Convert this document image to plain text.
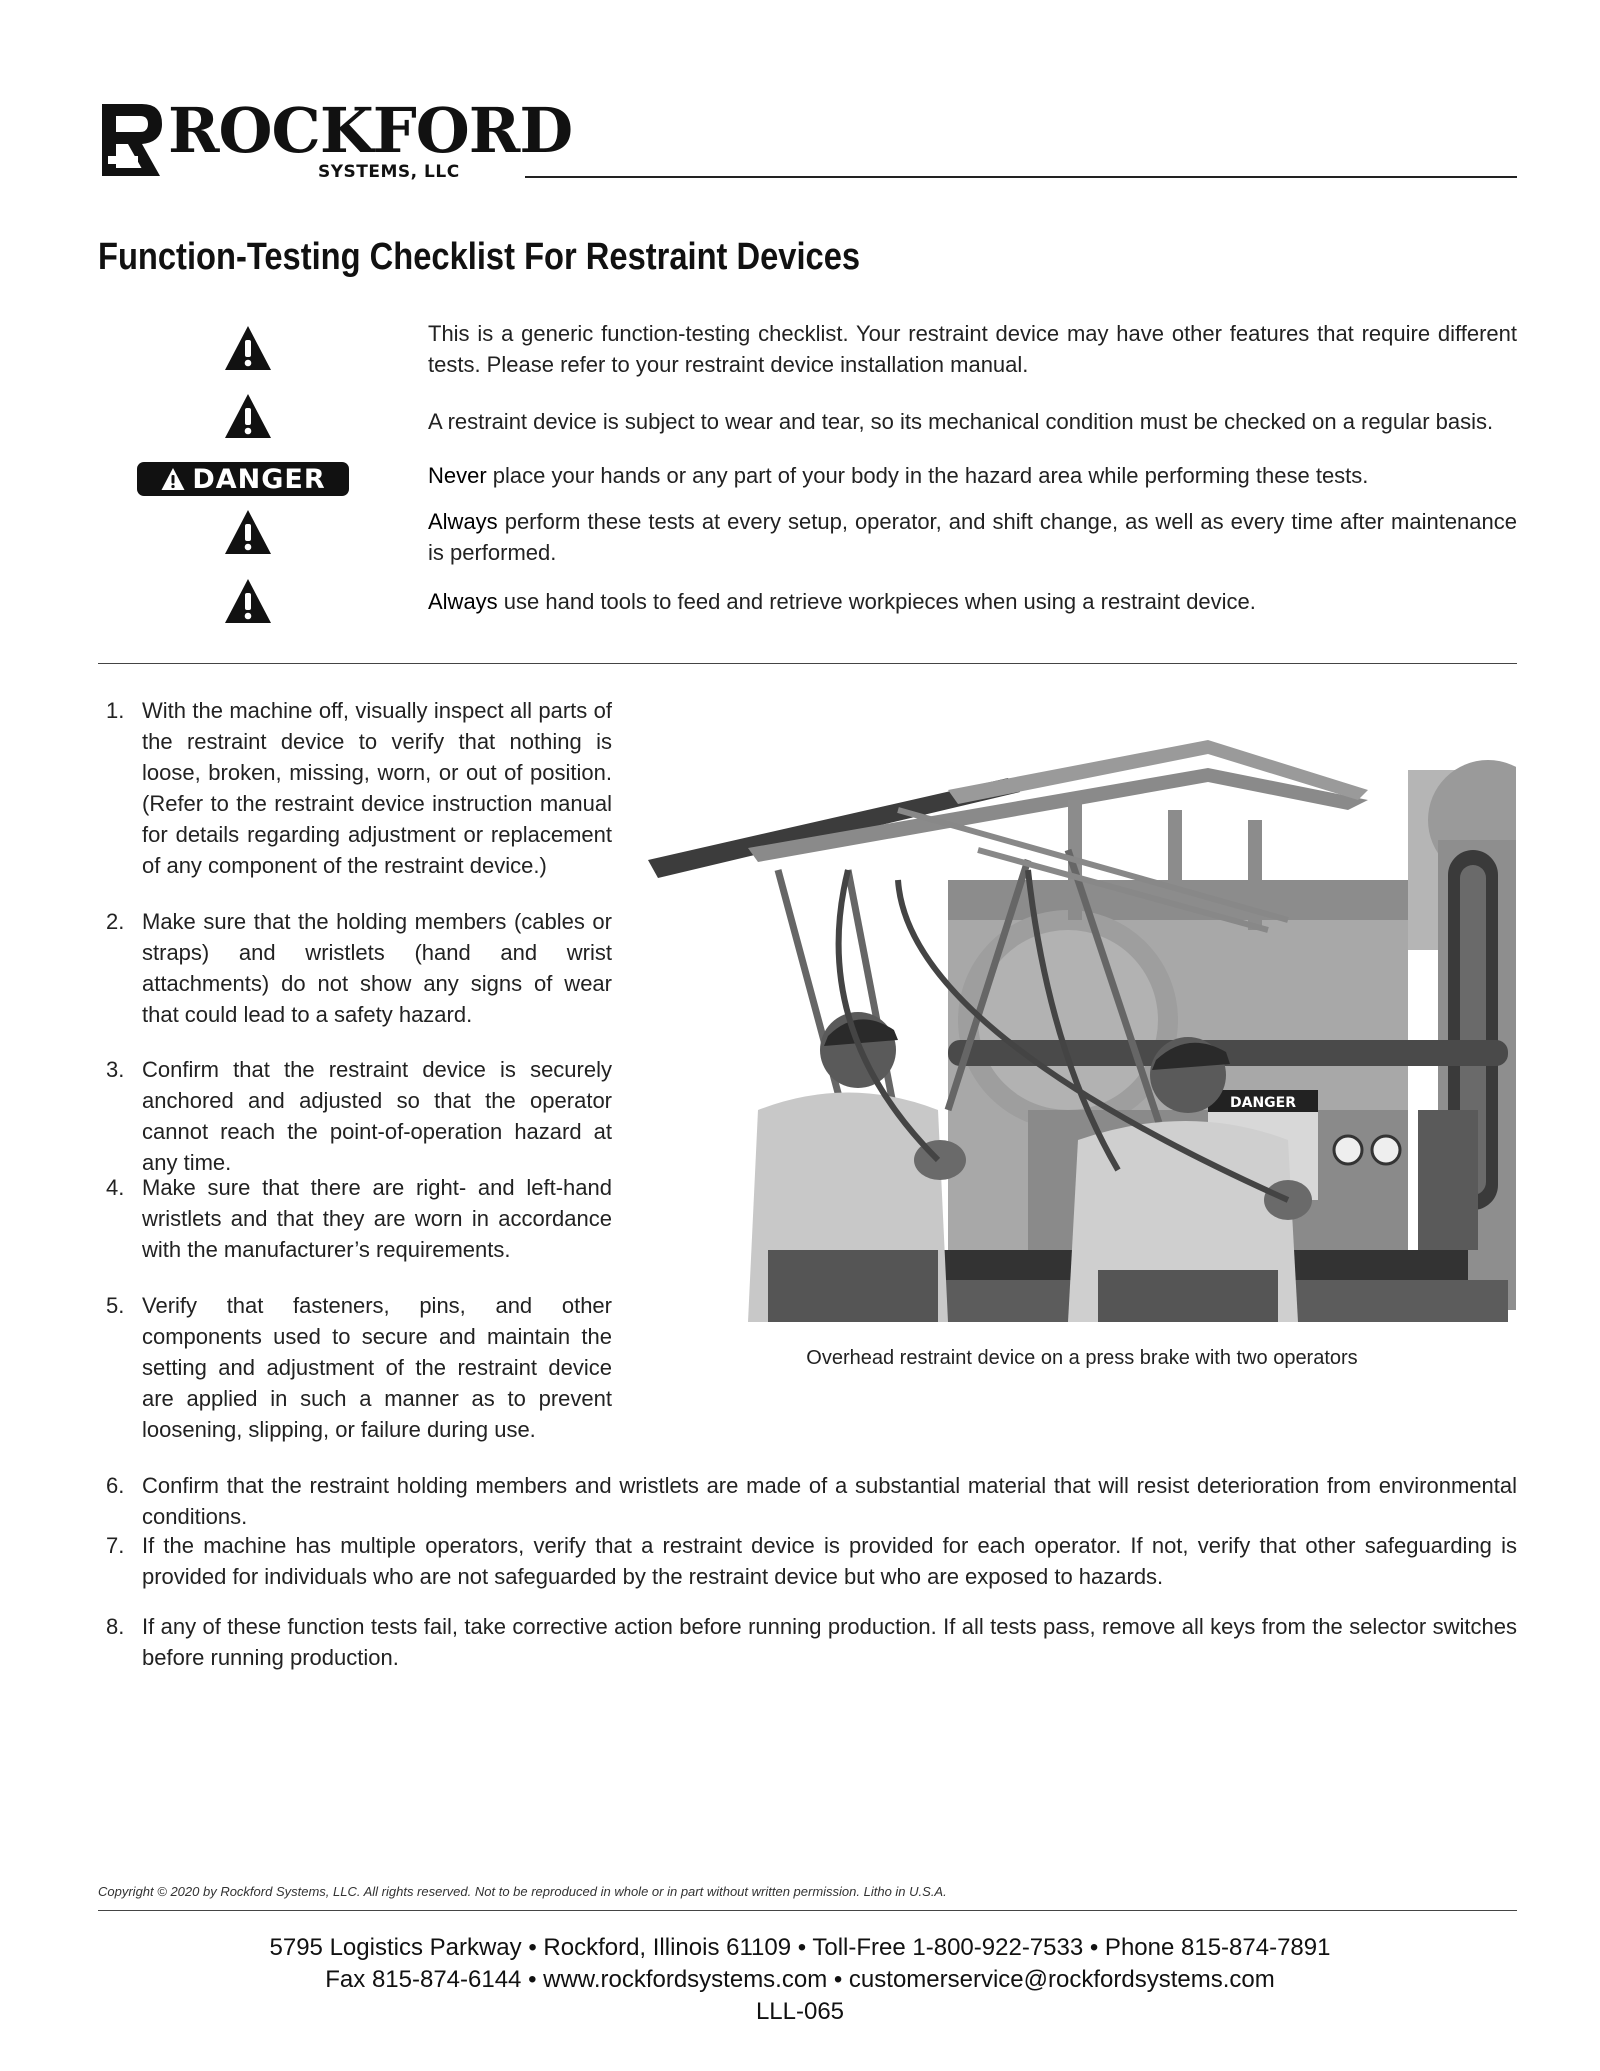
ROCKFORD
SYSTEMS, LLC
Function-Testing Checklist For Restraint Devices
DANGER

This is a generic function-testing checklist. Your restraint device may have other features that require different tests. Please refer to your restraint device installation manual.

A restraint device is subject to wear and tear, so its mechanical condition must be checked on a regular basis.

Never place your hands or any part of your body in the hazard area while performing these tests.

Always perform these tests at every setup, operator, and shift change, as well as every time after maintenance is performed.

Always use hand tools to feed and retrieve workpieces when using a restraint device.

1. With the machine off, visually inspect all parts of the restraint device to verify that nothing is loose, broken, missing, worn, or out of position. (Refer to the restraint device instruction manual for details regarding adjustment or replacement of any component of the restraint device.)

2. Make sure that the holding members (cables or straps) and wristlets (hand and wrist attachments) do not show any signs of wear that could lead to a safety hazard.

3. Confirm that the restraint device is securely anchored and adjusted so that the operator cannot reach the point-of-operation hazard at any time.

4. Make sure that there are right- and left-hand wristlets and that they are worn in accordance with the manufacturer’s requirements.

5. Verify that fasteners, pins, and other components used to secure and maintain the setting and adjustment of the restraint device are applied in such a manner as to prevent loosening, slipping, or failure during use.

6. Confirm that the restraint holding members and wristlets are made of a substantial material that will resist deterioration from environmental conditions.

7. If the machine has multiple operators, verify that a restraint device is provided for each operator. If not, verify that other safeguarding is provided for individuals who are not safeguarded by the restraint device but who are exposed to hazards.

8. If any of these function tests fail, take corrective action before running production. If all tests pass, remove all keys from the selector switches before running production.

DANGER

Overhead restraint device on a press brake with two operators

Copyright © 2020 by Rockford Systems, LLC. All rights reserved. Not to be reproduced in whole or in part without written permission. Litho in U.S.A.

5795 Logistics Parkway • Rockford, Illinois 61109 • Toll-Free 1-800-922-7533 • Phone 815-874-7891

Fax 815-874-6144 • www.rockfordsystems.com • customerservice@rockfordsystems.com

LLL-065
